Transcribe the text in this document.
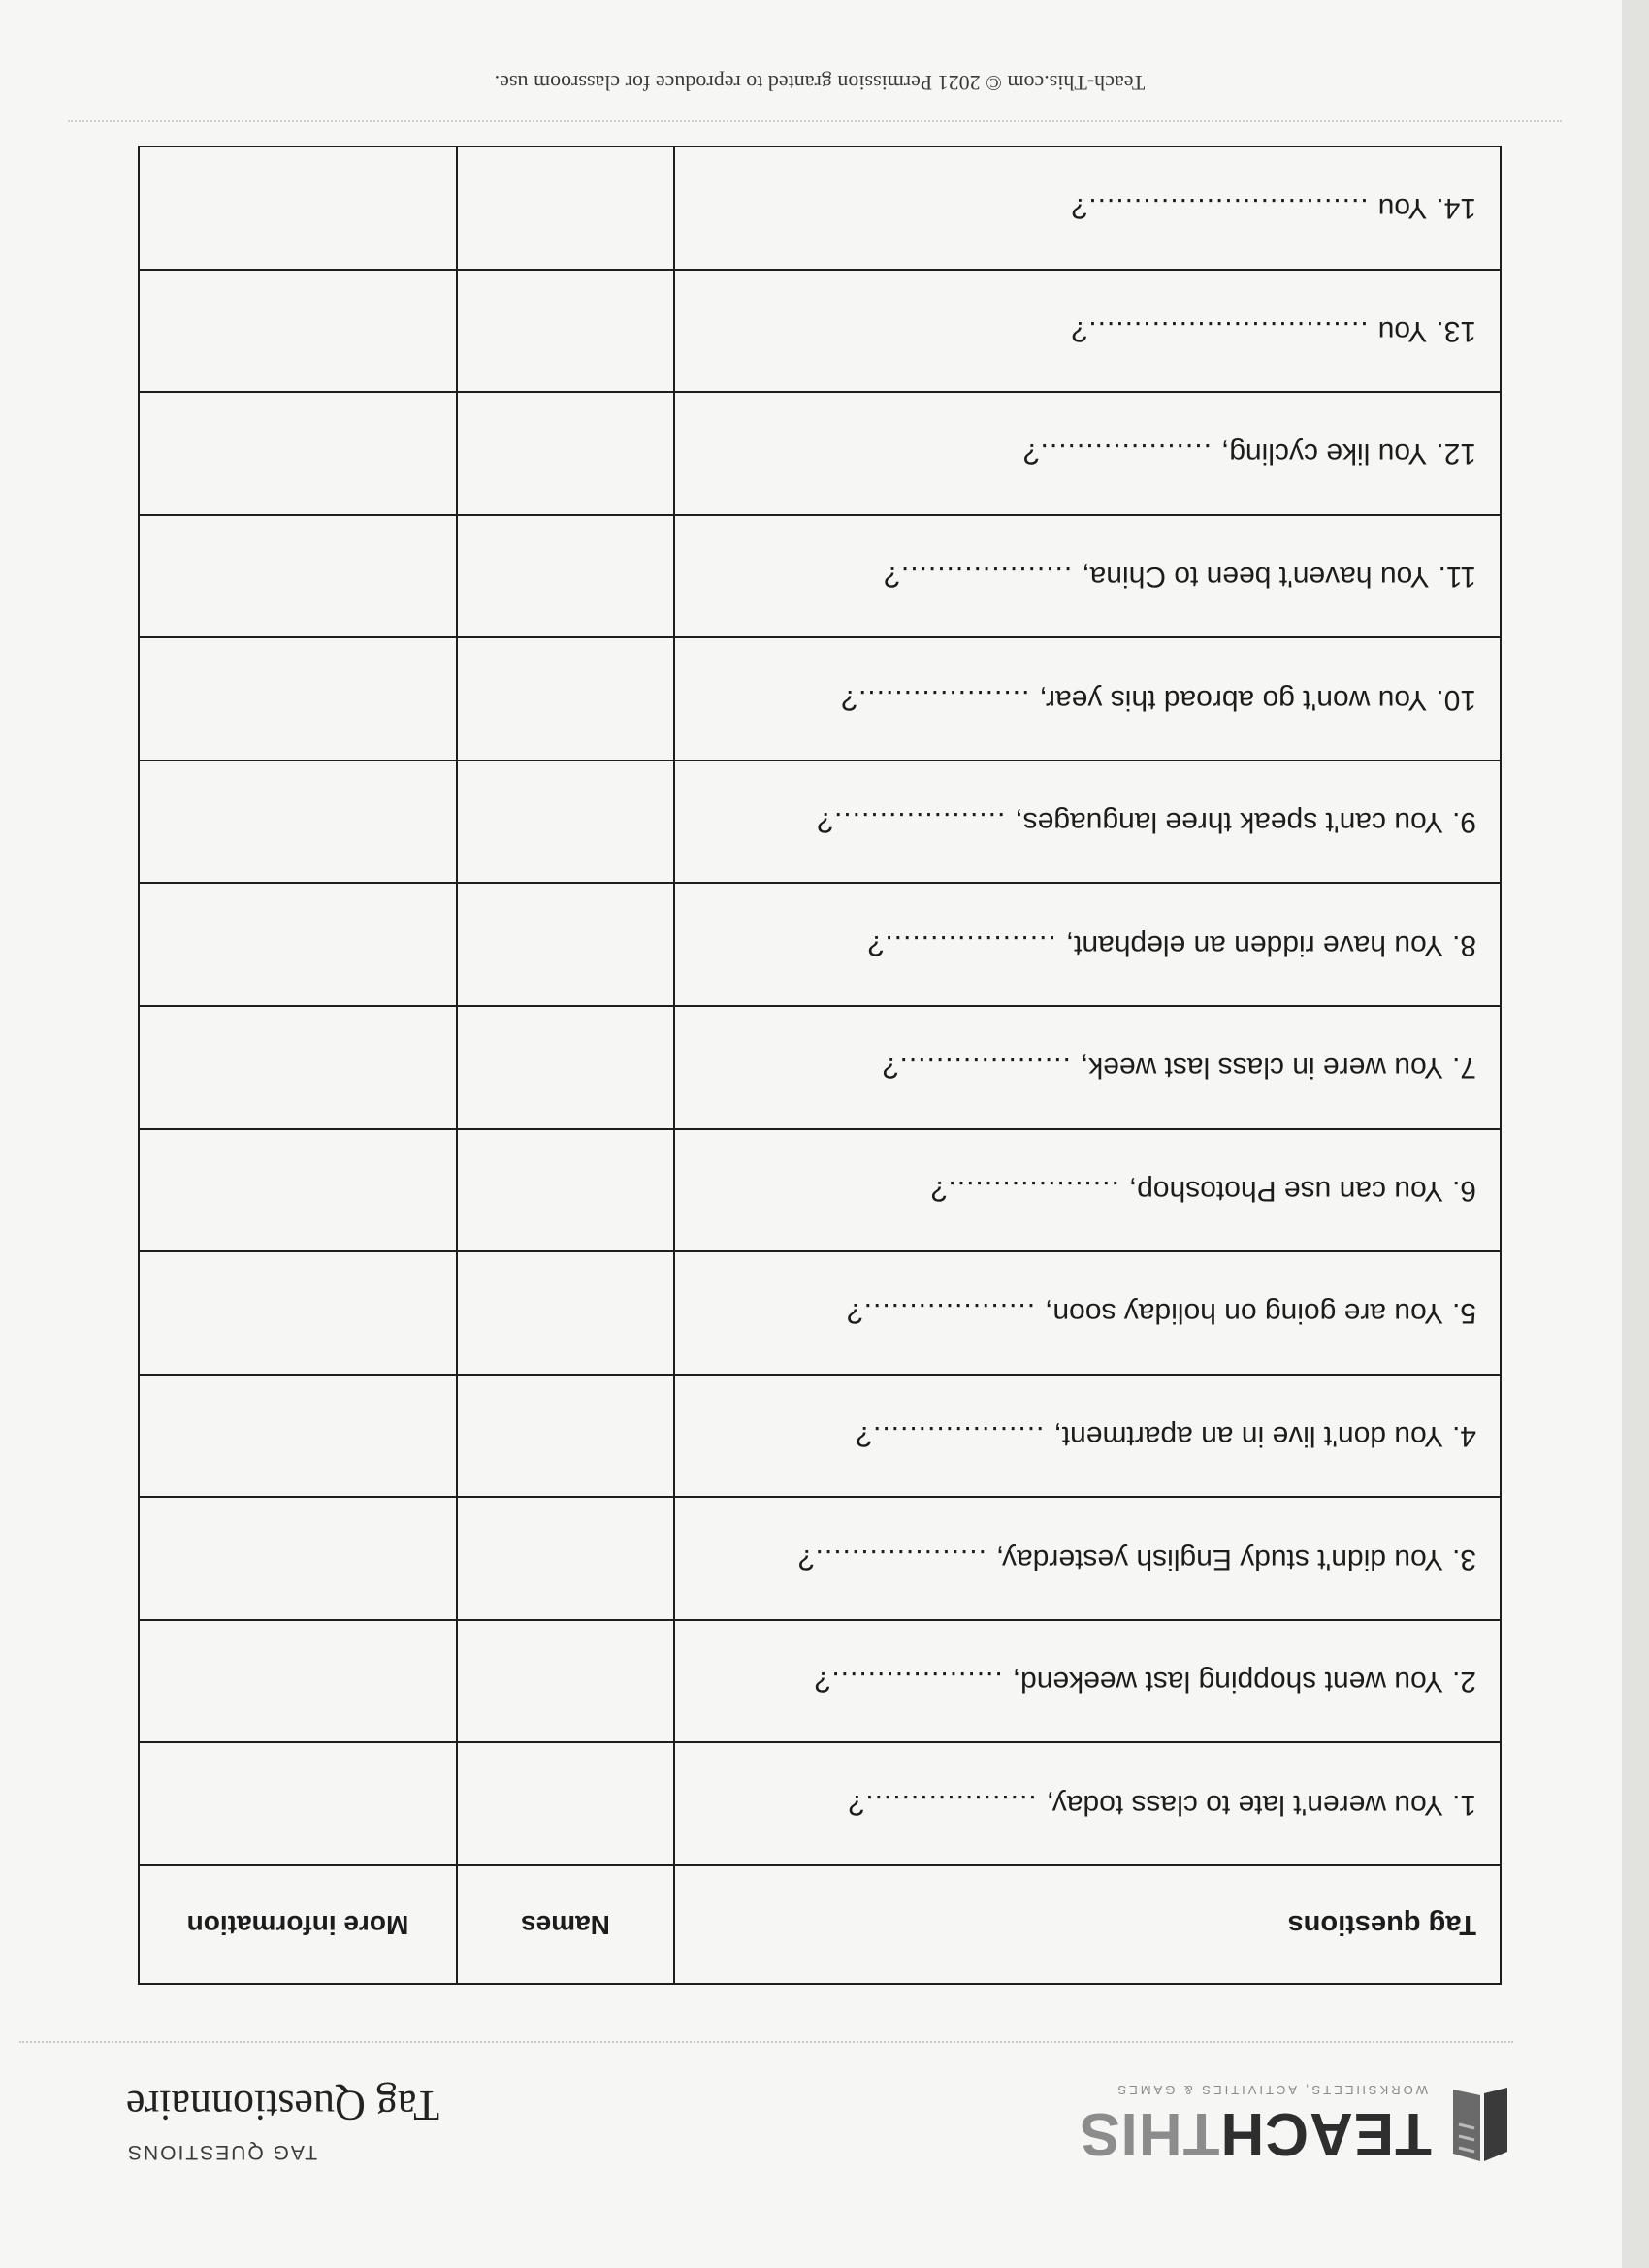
TEACHTHIS
WORKSHEETS, ACTIVITIES & GAMES
TAG QUESTIONS
Tag Questionnaire
Tag questions
Names
More information
1.
You weren't late to class today,
...................?
2.
You went shopping last weekend,
...................?
3.
You didn't study English yesterday,
...................?
4.
You don't live in an apartment,
...................?
5.
You are going on holiday soon,
...................?
6.
You can use Photoshop,
...................?
7.
You were in class last week,
...................?
8.
You have ridden an elephant,
...................?
9.
You can't speak three languages,
...................?
10.
You won't go abroad this year,
...................?
11.
You haven't been to China,
...................?
12.
You like cycling,
...................?
13.
You
...............................?
14.
You
...............................?
Teach-This.com © 2021 Permission granted to reproduce for classroom use.
